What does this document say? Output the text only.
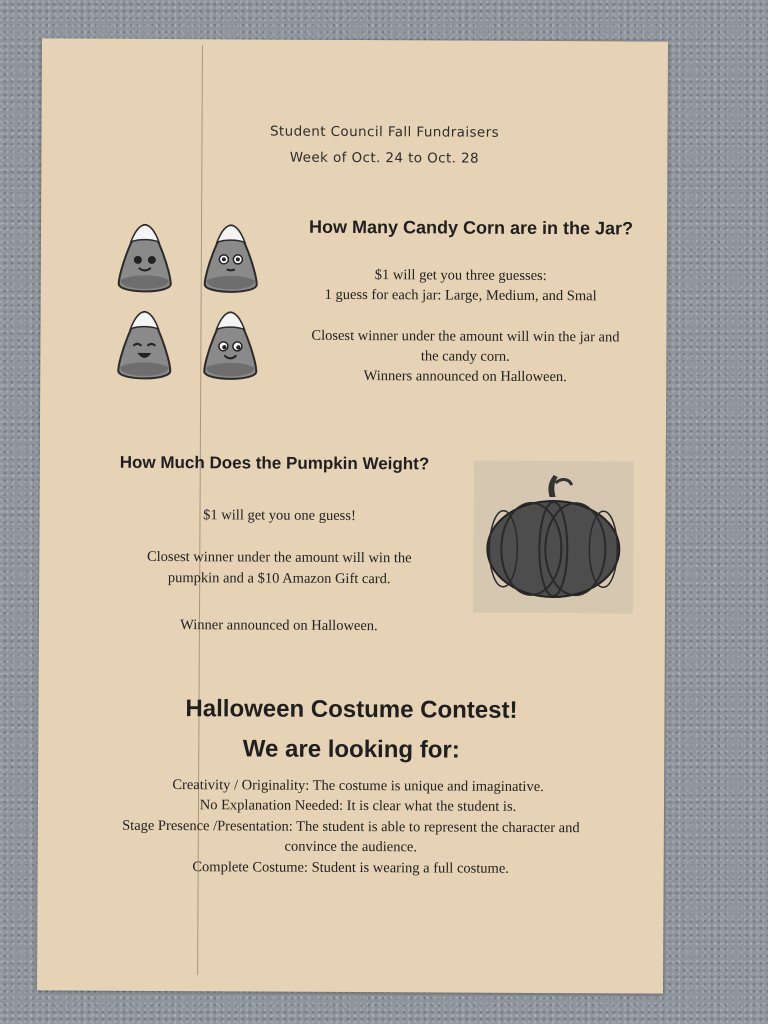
Student Council Fall Fundraisers
Week of Oct. 24 to Oct. 28
How Many Candy Corn are in the Jar?
$1 will get you three guesses:
1 guess for each jar: Large, Medium, and Smal
Closest winner under the amount will win the jar and
the candy corn.
Winners announced on Halloween.
How Much Does the Pumpkin Weight?
$1 will get you one guess!
Closest winner under the amount will win the
pumpkin and a $10 Amazon Gift card.
Winner announced on Halloween.
Halloween Costume Contest!
We are looking for:
Creativity / Originality: The costume is unique and imaginative.
No Explanation Needed: It is clear what the student is.
Stage Presence /Presentation: The student is able to represent the character and
convince the audience.
Complete Costume: Student is wearing a full costume.
